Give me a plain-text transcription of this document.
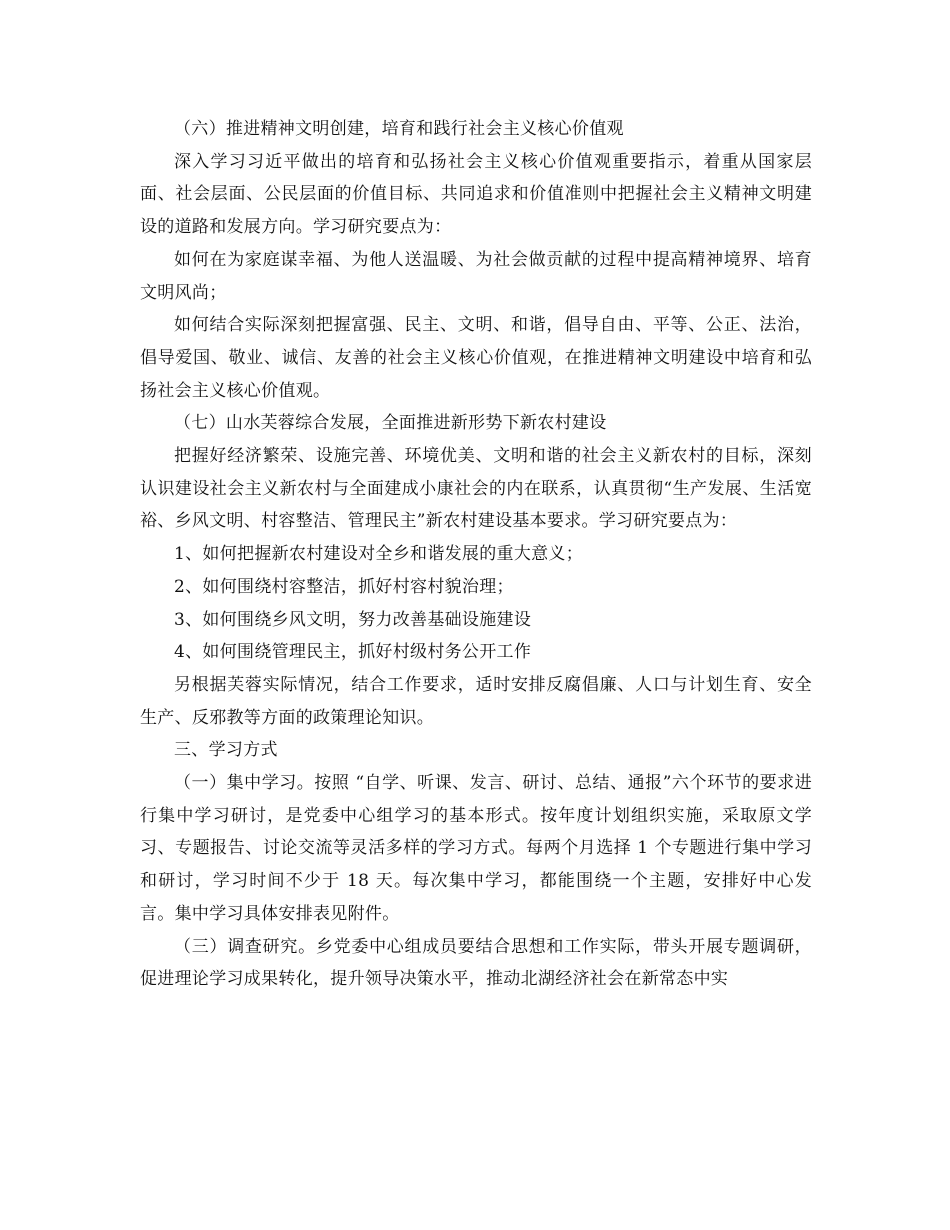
（六）推进精神文明创建，培育和践行社会主义核心价值观

深入学习习近平做出的培育和弘扬社会主义核心价值观重要指示，着重从国家层面、社会层面、公民层面的价值目标、共同追求和价值准则中把握社会主义精神文明建设的道路和发展方向。学习研究要点为：

如何在为家庭谋幸福、为他人送温暖、为社会做贡献的过程中提高精神境界、培育文明风尚；

如何结合实际深刻把握富强、民主、文明、和谐，倡导自由、平等、公正、法治，倡导爱国、敬业、诚信、友善的社会主义核心价值观，在推进精神文明建设中培育和弘扬社会主义核心价值观。

（七）山水芙蓉综合发展，全面推进新形势下新农村建设

把握好经济繁荣、设施完善、环境优美、文明和谐的社会主义新农村的目标，深刻认识建设社会主义新农村与全面建成小康社会的内在联系，认真贯彻“生产发展、生活宽裕、乡风文明、村容整洁、管理民主”新农村建设基本要求。学习研究要点为：

1、如何把握新农村建设对全乡和谐发展的重大意义；

2、如何围绕村容整洁，抓好村容村貌治理；

3、如何围绕乡风文明，努力改善基础设施建设

4、如何围绕管理民主，抓好村级村务公开工作

另根据芙蓉实际情况，结合工作要求，适时安排反腐倡廉、人口与计划生育、安全生产、反邪教等方面的政策理论知识。

三、学习方式

（一）集中学习。按照 “自学、听课、发言、研讨、总结、通报”六个环节的要求进行集中学习研讨，是党委中心组学习的基本形式。按年度计划组织实施，采取原文学习、专题报告、讨论交流等灵活多样的学习方式。每两个月选择 1 个专题进行集中学习和研讨，学习时间不少于 18 天。每次集中学习，都能围绕一个主题，安排好中心发言。集中学习具体安排表见附件。

（三）调查研究。乡党委中心组成员要结合思想和工作实际，带头开展专题调研，促进理论学习成果转化，提升领导决策水平，推动北湖经济社会在新常态中实
